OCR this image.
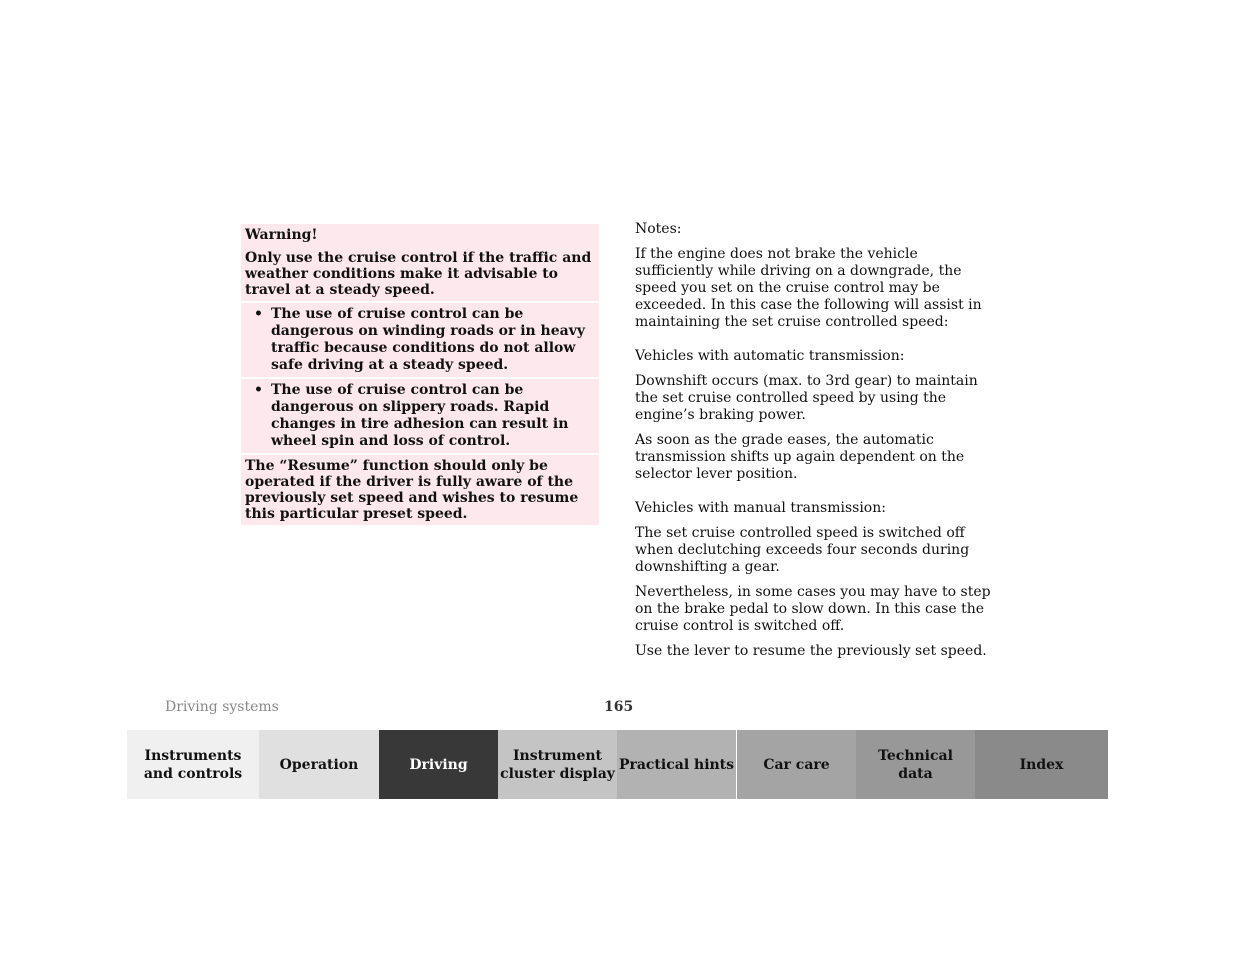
Warning!

Only use the cruise control if the traffic and weather conditions make it advisable to travel at a steady speed.

• The use of cruise control can be dangerous on winding roads or in heavy traffic because conditions do not allow safe driving at a steady speed.
• The use of cruise control can be dangerous on slippery roads. Rapid changes in tire adhesion can result in wheel spin and loss of control.

The “Resume” function should only be operated if the driver is fully aware of the previously set speed and wishes to resume this particular preset speed.

Notes:

If the engine does not brake the vehicle sufficiently while driving on a downgrade, the speed you set on the cruise control may be exceeded. In this case the following will assist in maintaining the set cruise controlled speed:

Vehicles with automatic transmission:

Downshift occurs (max. to 3rd gear) to maintain the set cruise controlled speed by using the engine’s braking power.

As soon as the grade eases, the automatic transmission shifts up again dependent on the selector lever position.

Vehicles with manual transmission:

The set cruise controlled speed is switched off when declutching exceeds four seconds during downshifting a gear.

Nevertheless, in some cases you may have to step on the brake pedal to slow down. In this case the cruise control is switched off.

Use the lever to resume the previously set speed.

Driving systems	165
Instruments
and controls
Operation	Driving
Instrument
cluster display
Practical hints Car care
Technical
data
Index
